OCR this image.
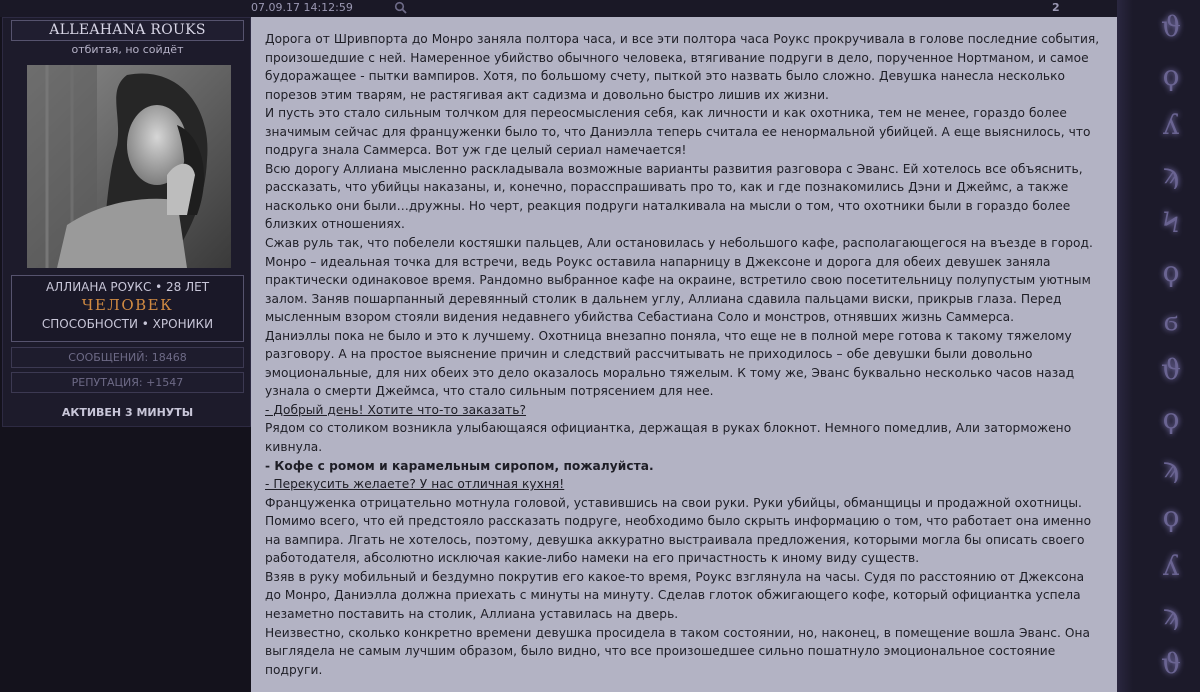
07.09.17 14:12:59	2
ALLEAHANA ROUKS
отбитая, но сойдёт
АЛЛИАНА РОУКС • 28 ЛЕТ
ЧЕЛОВЕК
СПОСОБНОСТИ • ХРОНИКИ
СООБЩЕНИЙ: 18468
РЕПУТАЦИЯ: +1547
АКТИВЕН 3 МИНУТЫ

Дорога от Шривпорта до Монро заняла полтора часа, и все эти полтора часа Роукс прокручивала в голове последние события, произошедшие с ней. Намеренное убийство обычного человека, втягивание подруги в дело, порученное Нортманом, и самое будоражащее - пытки вампиров. Хотя, по большому счету, пыткой это назвать было сложно. Девушка нанесла несколько порезов этим тварям, не растягивая акт садизма и довольно быстро лишив их жизни.

И пусть это стало сильным толчком для переосмысления себя, как личности и как охотника, тем не менее, гораздо более значимым сейчас для француженки было то, что Даниэлла теперь считала ее ненормальной убийцей. А еще выяснилось, что подруга знала Саммерса. Вот уж где целый сериал намечается!

Всю дорогу Аллиана мысленно раскладывала возможные варианты развития разговора с Эванс. Ей хотелось все объяснить, рассказать, что убийцы наказаны, и, конечно, порасспрашивать про то, как и где познакомились Дэни и Джеймс, а также насколько они были…дружны. Но черт, реакция подруги наталкивала на мысли о том, что охотники были в гораздо более близких отношениях.

Сжав руль так, что побелели костяшки пальцев, Али остановилась у небольшого кафе, располагающегося на въезде в город. Монро – идеальная точка для встречи, ведь Роукс оставила напарницу в Джексоне и дорога для обеих девушек заняла практически одинаковое время. Рандомно выбранное кафе на окраине, встретило свою посетительницу полупустым уютным залом. Заняв пошарпанный деревянный столик в дальнем углу, Аллиана сдавила пальцами виски, прикрыв глаза. Перед мысленным взором стояли видения недавнего убийства Себастиана Соло и монстров, отнявших жизнь Саммерса.

Даниэллы пока не было и это к лучшему. Охотница внезапно поняла, что еще не в полной мере готова к такому тяжелому разговору. А на простое выяснение причин и следствий рассчитывать не приходилось – обе девушки были довольно эмоциональные, для них обеих это дело оказалось морально тяжелым. К тому же, Эванс буквально несколько часов назад узнала о смерти Джеймса, что стало сильным потрясением для нее.

- Добрый день! Хотите что-то заказать?

Рядом со столиком возникла улыбающаяся официантка, держащая в руках блокнот. Немного помедлив, Али заторможено кивнула.

- Кофе с ромом и карамельным сиропом, пожалуйста.

- Перекусить желаете? У нас отличная кухня!

Француженка отрицательно мотнула головой, уставившись на свои руки. Руки убийцы, обманщицы и продажной охотницы. Помимо всего, что ей предстояло рассказать подруге, необходимо было скрыть информацию о том, что работает она именно на вампира. Лгать не хотелось, поэтому, девушка аккуратно выстраивала предложения, которыми могла бы описать своего работодателя, абсолютно исключая какие-либо намеки на его причастность к иному виду существ.

Взяв в руку мобильный и бездумно покрутив его какое-то время, Роукс взглянула на часы. Судя по расстоянию от Джексона до Монро, Даниэлла должна приехать с минуты на минуту. Сделав глоток обжигающего кофе, который официантка успела незаметно поставить на столик, Аллиана уставилась на дверь.

Неизвестно, сколько конкретно времени девушка просидела в таком состоянии, но, наконец, в помещение вошла Эванс. Она выглядела не самым лучшим образом, было видно, что все произошедшее сильно пошатнуло эмоциональное состояние подруги.

ϑ
ϙ
ʎ
ϡ
Ϟ
ϙ
ϭ
ϑ
ϙ
ϡ
ϙ
ʎ
ϡ
ϑ
